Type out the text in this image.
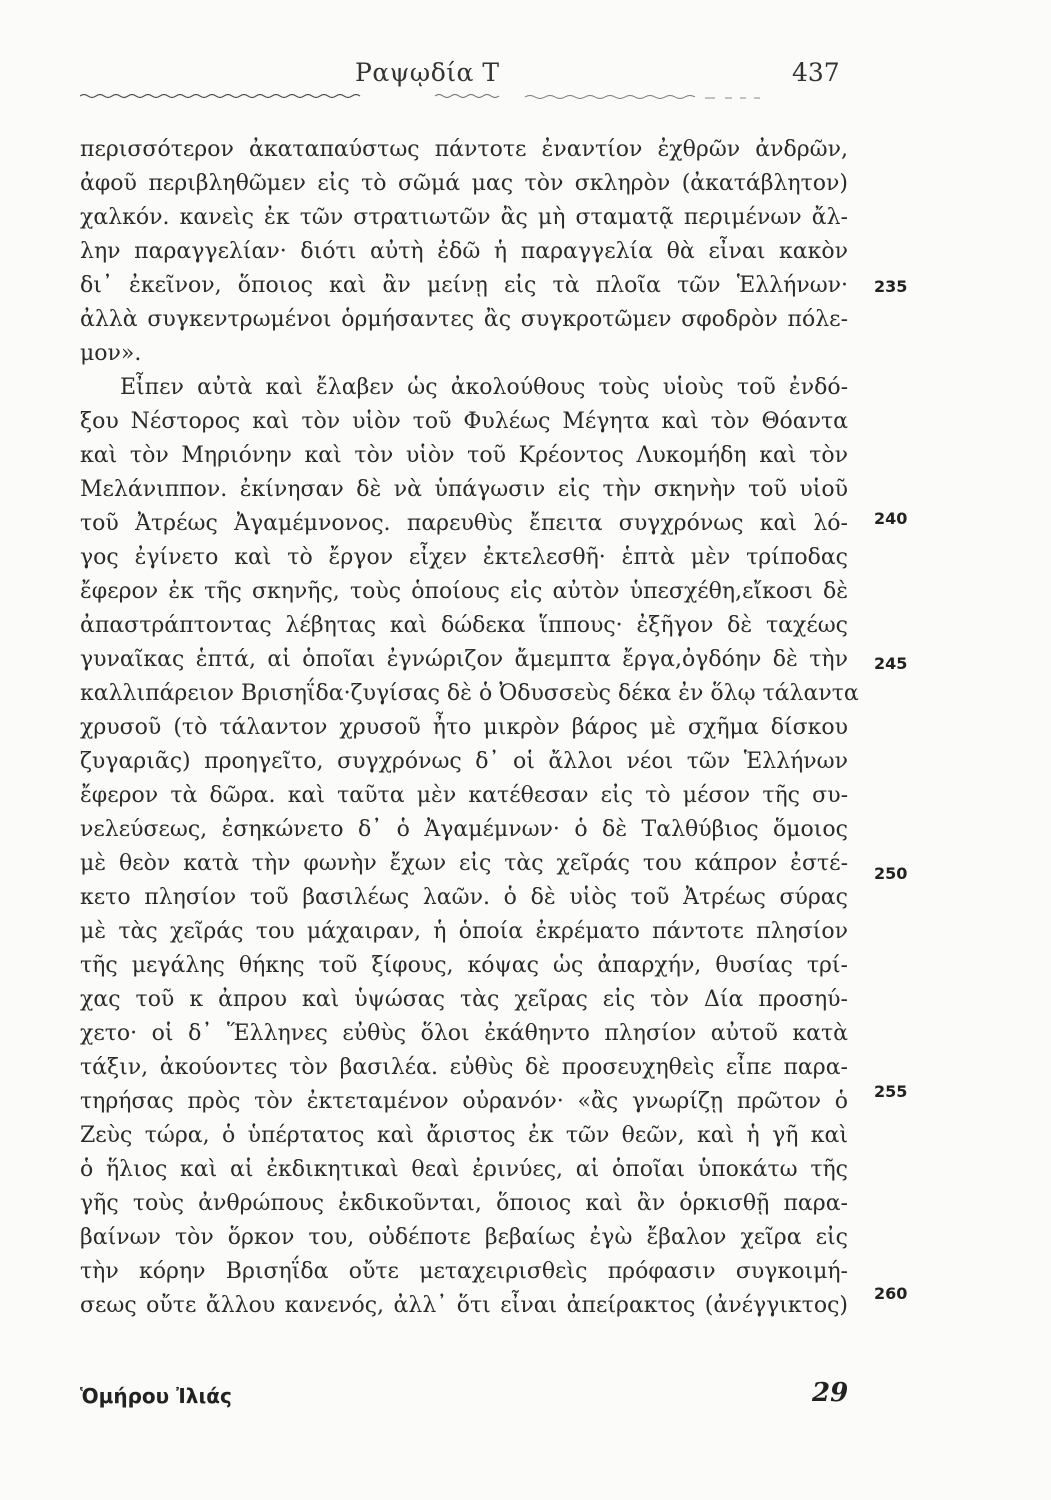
Ραψῳδία Τ	437
περισσότερον ἀκαταπαύστως πάντοτε ἐναντίον ἐχθρῶν ἀνδρῶν,
ἀφοῦ περιβληθῶμεν εἰς τὸ σῶμά μας τὸν σκληρὸν (ἀκατάβλητον)
χαλκόν. κανεὶς ἐκ τῶν στρατιωτῶν ἂς μὴ σταματᾷ περιμένων ἄλ-
λην παραγγελίαν· διότι αὐτὴ ἐδῶ ἡ παραγγελία θὰ εἶναι κακὸν
δι᾽ ἐκεῖνον, ὅποιος καὶ ἂν μείνῃ εἰς τὰ πλοῖα τῶν Ἑλλήνων·
ἀλλὰ συγκεντρωμένοι ὁρμήσαντες ἂς συγκροτῶμεν σφοδρὸν πόλε-
μον».
Εἶπεν αὐτὰ καὶ ἔλαβεν ὡς ἀκολούθους τοὺς υἱοὺς τοῦ ἐνδό-
ξου Νέστορος καὶ τὸν υἱὸν τοῦ Φυλέως Μέγητα καὶ τὸν Θόαντα
καὶ τὸν Μηριόνην καὶ τὸν υἱὸν τοῦ Κρέοντος Λυκομήδη καὶ τὸν
Μελάνιππον. ἐκίνησαν δὲ νὰ ὑπάγωσιν εἰς τὴν σκηνὴν τοῦ υἱοῦ
τοῦ Ἀτρέως Ἀγαμέμνονος. παρευθὺς ἔπειτα συγχρόνως καὶ λό-
γος ἐγίνετο καὶ τὸ ἔργον εἶχεν ἐκτελεσθῆ· ἑπτὰ μὲν τρίποδας
ἔφερον ἐκ τῆς σκηνῆς, τοὺς ὁποίους εἰς αὐτὸν ὑπεσχέθη,εἴκοσι δὲ
ἀπαστράπτοντας λέβητας καὶ δώδεκα ἵππους· ἐξῆγον δὲ ταχέως
γυναῖκας ἑπτά, αἱ ὁποῖαι ἐγνώριζον ἄμεμπτα ἔργα,ὀγδόην δὲ τὴν
καλλιπάρειον Βρισηΐδα·ζυγίσας δὲ ὁ Ὀδυσσεὺς δέκα ἐν ὅλῳ τάλαντα
χρυσοῦ (τὸ τάλαντον χρυσοῦ ἦτο μικρὸν βάρος μὲ σχῆμα δίσκου
ζυγαριᾶς) προηγεῖτο, συγχρόνως δ᾽ οἱ ἄλλοι νέοι τῶν Ἑλλήνων
ἔφερον τὰ δῶρα. καὶ ταῦτα μὲν κατέθεσαν εἰς τὸ μέσον τῆς συ-
νελεύσεως, ἐσηκώνετο δ᾽ ὁ Ἀγαμέμνων· ὁ δὲ Ταλθύβιος ὅμοιος
μὲ θεὸν κατὰ τὴν φωνὴν ἔχων εἰς τὰς χεῖράς του κάπρον ἐστέ-
κετο πλησίον τοῦ βασιλέως λαῶν. ὁ δὲ υἱὸς τοῦ Ἀτρέως σύρας
μὲ τὰς χεῖράς του μάχαιραν, ἡ ὁποία ἐκρέματο πάντοτε πλησίον
τῆς μεγάλης θήκης τοῦ ξίφους, κόψας ὡς ἀπαρχήν, θυσίας τρί-
χας τοῦ κ ἀπρου καὶ ὑψώσας τὰς χεῖρας εἰς τὸν Δία προσηύ-
χετο· οἱ δ᾽ Ἕλληνες εὐθὺς ὅλοι ἐκάθηντο πλησίον αὐτοῦ κατὰ
τάξιν, ἀκούοντες τὸν βασιλέα. εὐθὺς δὲ προσευχηθεὶς εἶπε παρα-
τηρήσας πρὸς τὸν ἐκτεταμένον οὐρανόν· «ἂς γνωρίζῃ πρῶτον ὁ
Ζεὺς τώρα, ὁ ὑπέρτατος καὶ ἄριστος ἐκ τῶν θεῶν, καὶ ἡ γῆ καὶ
ὁ ἥλιος καὶ αἱ ἐκδικητικαὶ θεαὶ ἐρινύες, αἱ ὁποῖαι ὑποκάτω τῆς
γῆς τοὺς ἀνθρώπους ἐκδικοῦνται, ὅποιος καὶ ἂν ὁρκισθῇ παρα-
βαίνων τὸν ὅρκον του, οὐδέποτε βεβαίως ἐγὼ ἔβαλον χεῖρα εἰς
τὴν κόρην Βρισηΐδα οὔτε μεταχειρισθεὶς πρόφασιν συγκοιμή-
σεως οὔτε ἄλλου κανενός, ἀλλ᾽ ὅτι εἶναι ἀπείρακτος (ἀνέγγικτος)
235
240
245
250
255
260
Ὁμήρου Ἰλιάς	29
